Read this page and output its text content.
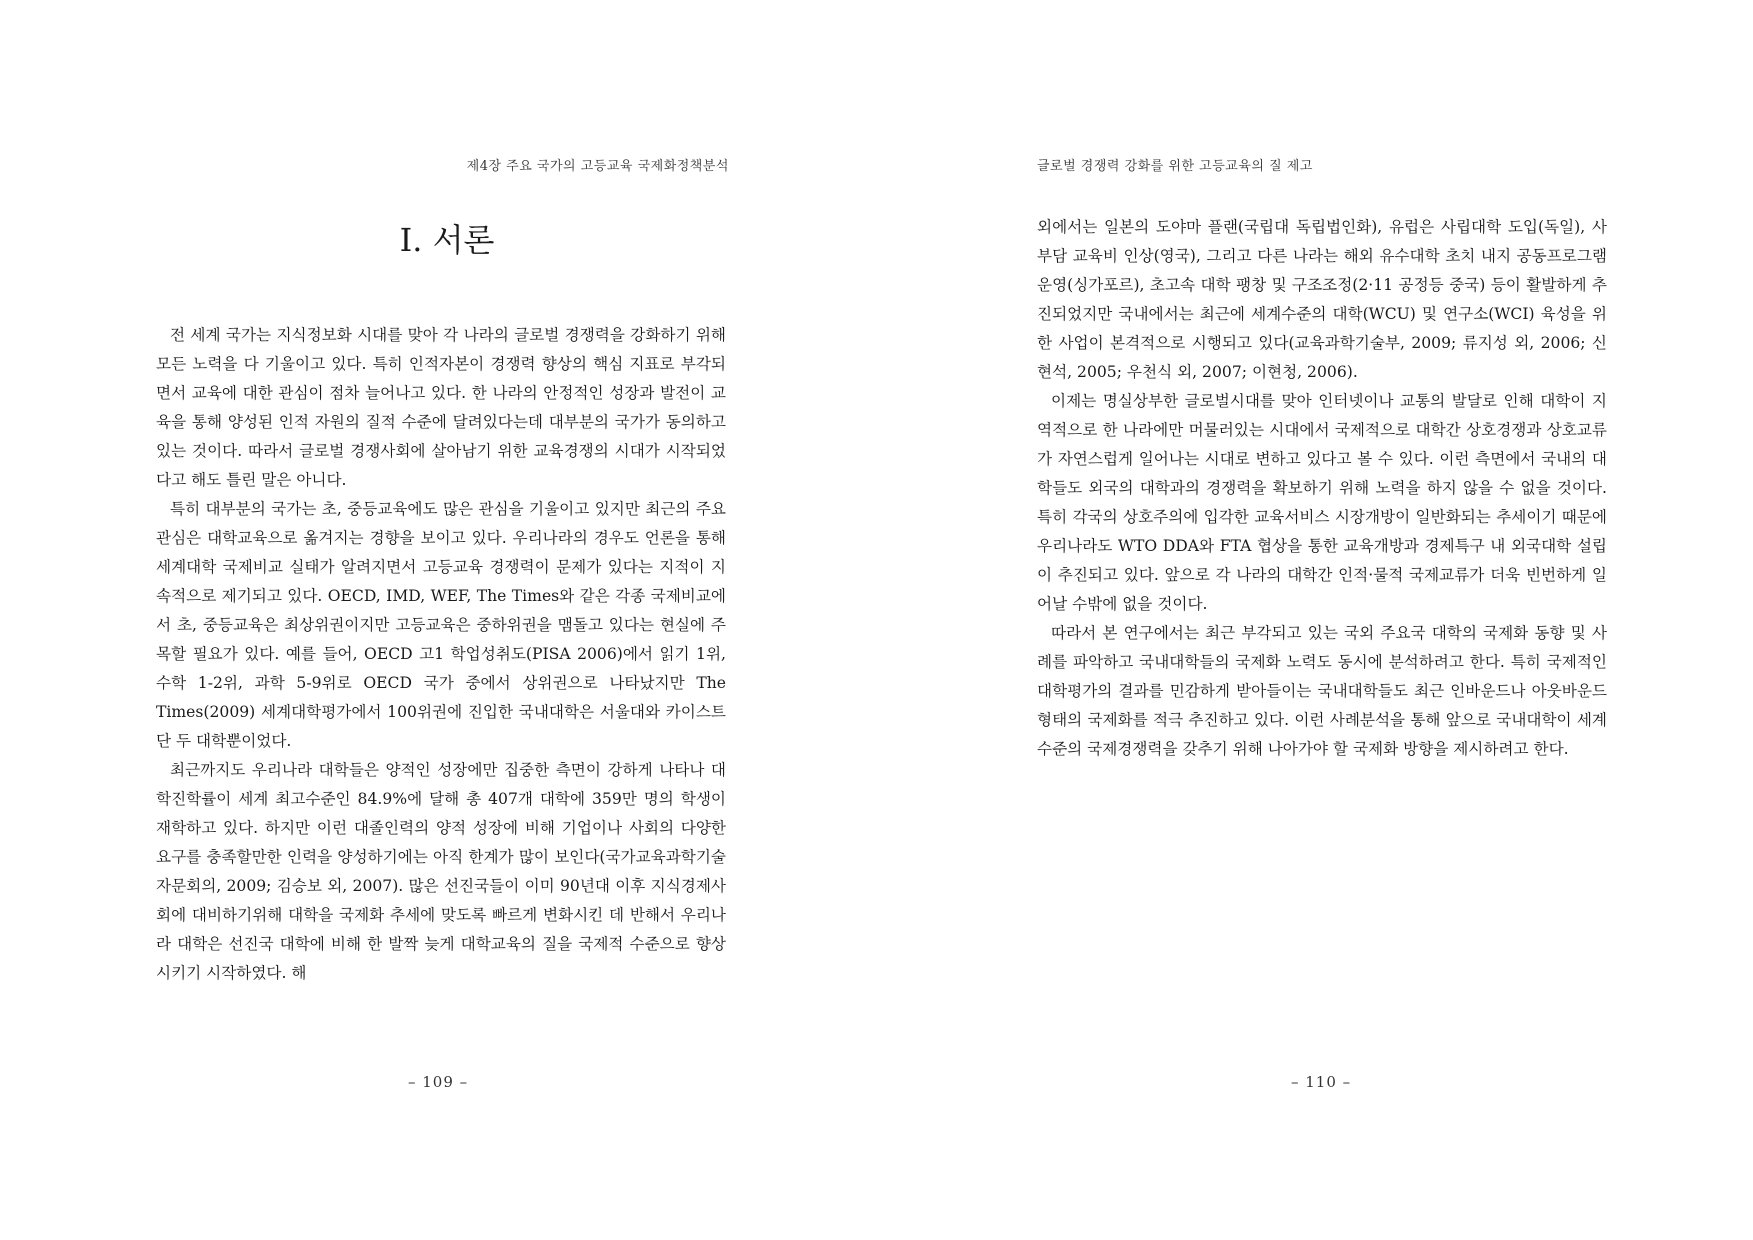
제4장 주요 국가의 고등교육 국제화정책분석
Ⅰ. 서론

전 세계 국가는 지식정보화 시대를 맞아 각 나라의 글로벌 경쟁력을 강화하기 위해 모든 노력을 다 기울이고 있다. 특히 인적자본이 경쟁력 향상의 핵심 지표로 부각되면서 교육에 대한 관심이 점차 늘어나고 있다. 한 나라의 안정적인 성장과 발전이 교육을 통해 양성된 인적 자원의 질적 수준에 달려있다는데 대부분의 국가가 동의하고 있는 것이다. 따라서 글로벌 경쟁사회에 살아남기 위한 교육경쟁의 시대가 시작되었다고 해도 틀린 말은 아니다.

특히 대부분의 국가는 초, 중등교육에도 많은 관심을 기울이고 있지만 최근의 주요 관심은 대학교육으로 옮겨지는 경향을 보이고 있다. 우리나라의 경우도 언론을 통해 세계대학 국제비교 실태가 알려지면서 고등교육 경쟁력이 문제가 있다는 지적이 지속적으로 제기되고 있다. OECD, IMD, WEF, The Times와 같은 각종 국제비교에서 초, 중등교육은 최상위권이지만 고등교육은 중하위권을 맴돌고 있다는 현실에 주목할 필요가 있다. 예를 들어, OECD 고1 학업성취도(PISA 2006)에서 읽기 1위, 수학 1-2위, 과학 5-9위로 OECD 국가 중에서 상위권으로 나타났지만 The Times(2009) 세계대학평가에서 100위권에 진입한 국내대학은 서울대와 카이스트 단 두 대학뿐이었다.

최근까지도 우리나라 대학들은 양적인 성장에만 집중한 측면이 강하게 나타나 대학진학률이 세계 최고수준인 84.9%에 달해 총 407개 대학에 359만 명의 학생이 재학하고 있다. 하지만 이런 대졸인력의 양적 성장에 비해 기업이나 사회의 다양한 요구를 충족할만한 인력을 양성하기에는 아직 한계가 많이 보인다(국가교육과학기술자문회의, 2009; 김승보 외, 2007). 많은 선진국들이 이미 90년대 이후 지식경제사회에 대비하기위해 대학을 국제화 추세에 맞도록 빠르게 변화시킨 데 반해서 우리나라 대학은 선진국 대학에 비해 한 발짝 늦게 대학교육의 질을 국제적 수준으로 향상시키기 시작하였다. 해

– 109 –
글로벌 경쟁력 강화를 위한 고등교육의 질 제고

외에서는 일본의 도야마 플랜(국립대 독립법인화), 유럽은 사립대학 도입(독일), 사부담 교육비 인상(영국), 그리고 다른 나라는 해외 유수대학 초치 내지 공동프로그램 운영(싱가포르), 초고속 대학 팽창 및 구조조정(2·11 공정등 중국) 등이 활발하게 추진되었지만 국내에서는 최근에 세계수준의 대학(WCU) 및 연구소(WCI) 육성을 위한 사업이 본격적으로 시행되고 있다(교육과학기술부, 2009; 류지성 외, 2006; 신현석, 2005; 우천식 외, 2007; 이현청, 2006).

이제는 명실상부한 글로벌시대를 맞아 인터넷이나 교통의 발달로 인해 대학이 지역적으로 한 나라에만 머물러있는 시대에서 국제적으로 대학간 상호경쟁과 상호교류가 자연스럽게 일어나는 시대로 변하고 있다고 볼 수 있다. 이런 측면에서 국내의 대학들도 외국의 대학과의 경쟁력을 확보하기 위해 노력을 하지 않을 수 없을 것이다. 특히 각국의 상호주의에 입각한 교육서비스 시장개방이 일반화되는 추세이기 때문에 우리나라도 WTO DDA와 FTA 협상을 통한 교육개방과 경제특구 내 외국대학 설립이 추진되고 있다. 앞으로 각 나라의 대학간 인적·물적 국제교류가 더욱 빈번하게 일어날 수밖에 없을 것이다.

따라서 본 연구에서는 최근 부각되고 있는 국외 주요국 대학의 국제화 동향 및 사례를 파악하고 국내대학들의 국제화 노력도 동시에 분석하려고 한다. 특히 국제적인 대학평가의 결과를 민감하게 받아들이는 국내대학들도 최근 인바운드나 아웃바운드 형태의 국제화를 적극 추진하고 있다. 이런 사례분석을 통해 앞으로 국내대학이 세계수준의 국제경쟁력을 갖추기 위해 나아가야 할 국제화 방향을 제시하려고 한다.

– 110 –
